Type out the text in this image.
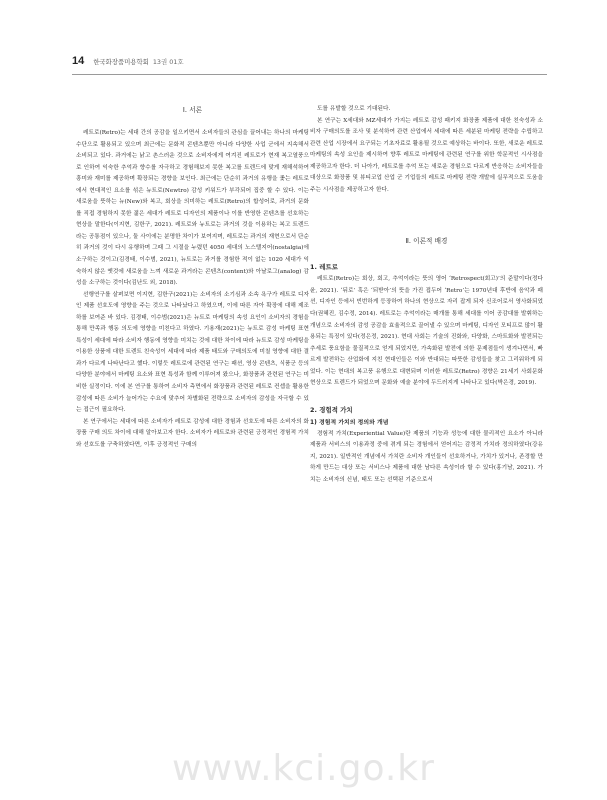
14 한국화장품미용학회 13권 01호
Ⅰ. 서론

레트로(Retro)는 세대 간의 공감을 일으키면서 소비자들의 관심을 끌어내는 하나의 마케팅 수단으로 활용되고 있으며 최근에는 문화적 콘텐츠뿐만 아니라 다양한 사업 군에서 지속해서 소비되고 있다. 과거에는 낡고 촌스러운 것으로 소비자에게 여겨진 레트로가 현재 복고열풍으로 인하여 익숙한 추억과 향수를 자극하고 경험해보지 못한 복고를 트렌드에 맞게 재해석하여 흥미와 재미를 제공하며 확장되는 경향을 보인다. 최근에는 단순히 과거의 유행을 좇는 레트로에서 현대적인 요소를 섞은 뉴트로(Newtro) 감성 키워드가 부각되어 집중 할 수 있다. 이는 새로움을 뜻하는 뉴(New)와 복고, 회상을 의미하는 레트로(Retro)의 합성어로, 과거의 문화를 직접 경험하지 못한 젊은 세대가 레트로 디자인의 제품이나 이를 반영한 콘텐츠를 선호하는 현상을 말한다(이지현, 김한구, 2021). 레트로와 뉴트로는 과거의 것을 이용하는 복고 트렌드라는 공통점이 있으나, 둘 사이에는 분명한 차이가 보여지며, 레트로는 과거의 재현으로서 단순히 과거의 것이 다시 유행하며 그때 그 시절을 누렸던 4050 세대의 노스탤지어(nostalgia)에 소구하는 것이고(김경태, 이수범, 2021), 뉴트로는 과거를 경험한 적이 없는 1020 세대가 익숙하지 않은 옛것에 새로움을 느껴 새로운 과거라는 콘텐츠(content)와 아날로그(analog) 감성을 소구하는 것이다(김난도 외, 2018).

선행연구를 살펴보면 이지현, 김한구(2021)는 소비자의 소기심과 소속 욕구가 레트로 디자인 제품 선호도에 영향을 주는 것으로 나타났다고 하였으며, 이에 따른 자아 확장에 대해 제조하를 보여준 바 있다. 김경태, 이수범(2021)은 뉴트로 마케팅의 속성 요인이 소비자의 경험을 통해 만족과 행동 의도에 영향을 미친다고 하였다. 기용재(2021)는 뉴트로 감성 마케팅 표현 특성이 세대에 따라 소비자 행동에 영향을 미치는 것에 대한 차이에 따라 뉴트로 감성 마케팅을 이용한 상품에 대한 트렌트 친숙성이 세대에 따라 제품 태도와 구매의도에 미칠 영향에 대한 결과가 다르게 나타난다고 했다. 이렇듯 레트로에 관련된 연구는 패션, 영상 콘텐츠, 식품군 등의 다양한 분야에서 마케팅 요소와 표현 특성과 함께 이루어져 왔으나, 화장품과 관련된 연구는 미비한 실정이다. 이에 본 연구를 통하여 소비자 측면에서 화장품과 관련된 레트로 컨셉을 활용한 감성에 따른 소비가 늘어가는 수요에 맞추어 차별화된 전략으로 소비자의 감성을 자극할 수 있는 접근이 필요하다.

본 연구에서는 세대에 따른 소비자가 레트로 감성에 대한 경험과 선호도에 따른 소비자의 화장품 구매 의도 차이에 대해 알아보고자 한다. 소비자가 레트로와 관련된 긍정적인 경험적 가치와 선호도를 구축하였다면, 이후 긍정적인 구매의

도를 유발할 것으로 기대된다.

본 연구는 X세대와 MZ세대가 가지는 레트로 감성 패키지 화장품 제품에 대한 친숙성과 소비자 구매의도를 조사 및 분석하여 관련 산업에서 세대에 따른 세분된 마케팅 전략을 수립하고 관련 산업 시장에서 요구되는 기초자료로 활용될 것으로 예상하는 바이다. 또한, 새로운 레트로 마케팅의 속성 요인을 제시하여 향후 레트로 마케팅에 관련된 연구를 위한 학문적인 시사점을 제공하고자 한다. 더 나아가, 레트로를 추억 또는 새로운 경험으로 다르게 반응하는 소비자들을 대상으로 화장품 및 뷰티코업 산업 군 기업들의 레트로 마케팅 전략 개발에 실무적으로 도움을 주는 시사점을 제공하고자 한다.

Ⅱ. 이론적 배경
1. 레트로

레트로(Retro)는 회상, 회고, 추억이라는 뜻의 영어 ‘Retrospect(회고)’의 준말이다(정다윤, 2021). ‘뒤로’ 혹은 ‘되받아’의 뜻을 가진 접두어 ‘Retro’는 1970년대 후반에 음악과 패션, 디자인 등에서 빈번하게 등장하여 하나의 현상으로 자리 잡게 되자 신조어로서 영사화되었다(권혜진, 김수정, 2014). 레트로는 추억이라는 매개를 통해 세대를 이어 공감대를 발휘하는 개념으로 소비자의 감성 공감을 효율적으로 끌어낼 수 있으며 마케팅, 디자인 모티프로 많이 활용되는 특징이 있다(정은정, 2021). 현대 사회는 기술의 진화와, 다양화, 스마트화와 발전되는 추세로 풍요함을 물질적으로 얻게 되었지만, 가속화된 발전에 의한 문제점들이 생겨나면서, 빠르게 발전하는 산업화에 지친 현대인들은 이와 반대되는 따뜻한 감성들을 찾고 그리워하게 되었다. 이는 현대의 복고풍 유행으로 대변되며 이러한 레트로(Retro) 경향은 21세기 사회문화 현상으로 트렌드가 되었으며 문화와 예술 분야에 두드러지게 나타나고 있다(박은경, 2019).

2. 경험적 가치
1) 경험적 가치의 정의와 개념

경험적 가치(Experiential Value)란 제품의 기능과 성능에 대한 물리적인 요소가 아니라 제품과 서비스의 이용과정 중에 겪게 되는 경험에서 얻어지는 감정적 가치라 정의하였다(강유지, 2021). 일반적인 개념에서 가치란 소비자 개인들이 선호하거나, 가치가 있거나, 존경할 만하게 만드는 대상 또는 서비스나 제품에 대한 남다른 속성이라 할 수 있다(홍기남, 2021). 가치는 소비자의 신념, 태도 또는 선택된 기준으로서

www.kci.go.kr
